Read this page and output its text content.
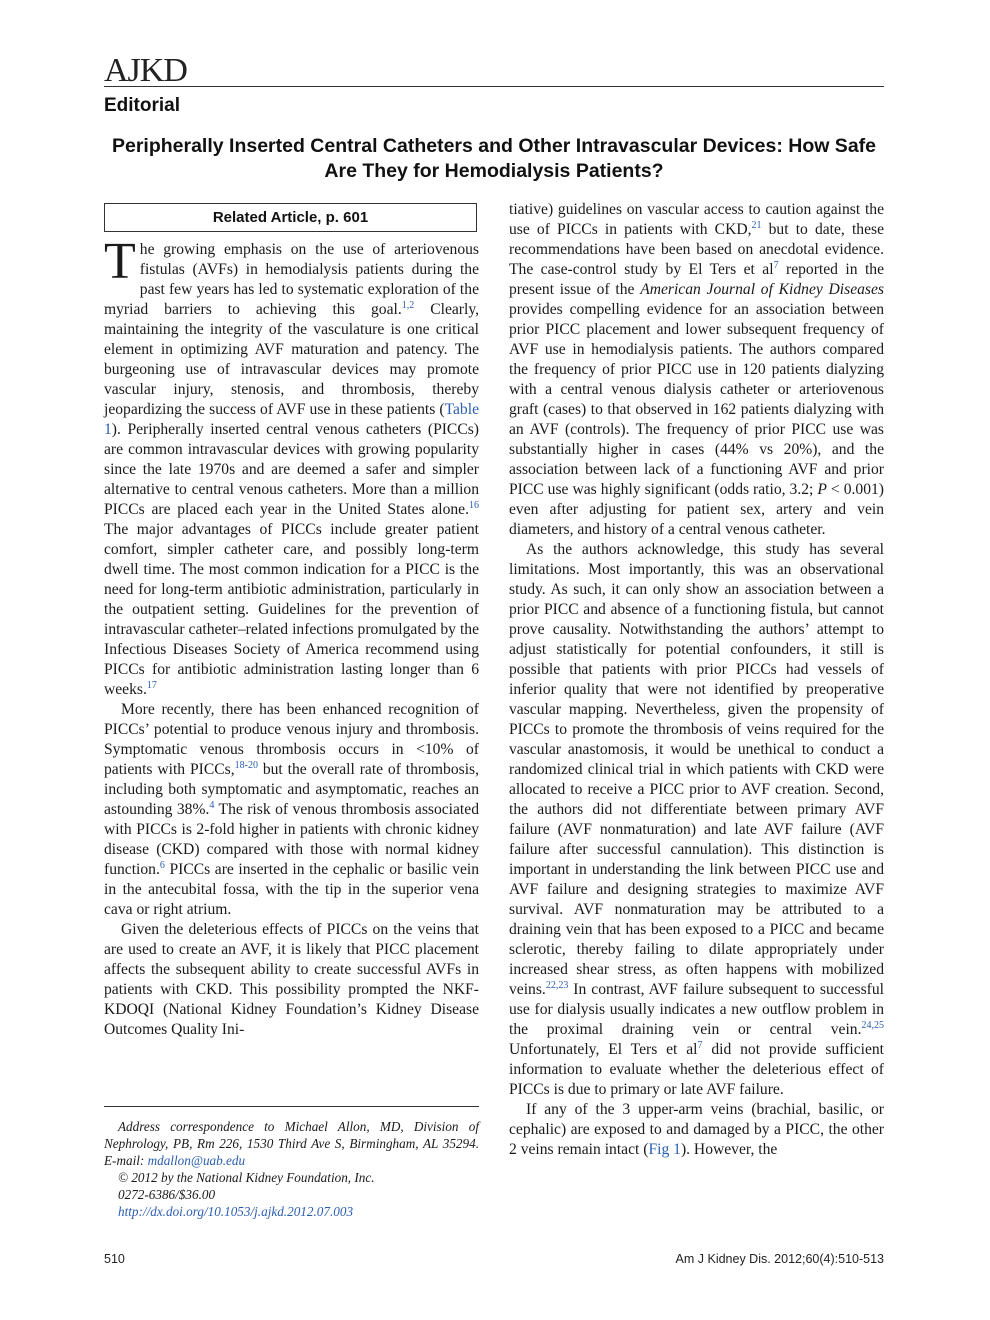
AJKD
Editorial
Peripherally Inserted Central Catheters and Other Intravascular Devices: How Safe Are They for Hemodialysis Patients?
Related Article, p. 601

The growing emphasis on the use of arteriovenous fistulas (AVFs) in hemodialysis patients during the past few years has led to systematic exploration of the myriad barriers to achieving this goal.$^{1,2}$ Clearly, maintaining the integrity of the vasculature is one critical element in optimizing AVF maturation and patency. The burgeoning use of intravascular devices may promote vascular injury, stenosis, and thrombosis, thereby jeopardizing the success of AVF use in these patients (Table 1). Peripherally inserted central venous catheters (PICCs) are common intravascular devices with growing popularity since the late 1970s and are deemed a safer and simpler alternative to central venous catheters. More than a million PICCs are placed each year in the United States alone.$^{16}$ The major advantages of PICCs include greater patient comfort, simpler catheter care, and possibly long-term dwell time. The most common indication for a PICC is the need for long-term antibiotic administration, particularly in the outpatient setting. Guidelines for the prevention of intravascular catheter–related infections promulgated by the Infectious Diseases Society of America recommend using PICCs for antibiotic administration lasting longer than 6 weeks.$^{17}$

More recently, there has been enhanced recognition of PICCs’ potential to produce venous injury and thrombosis. Symptomatic venous thrombosis occurs in <10% of patients with PICCs,$^{18-20}$ but the overall rate of thrombosis, including both symptomatic and asymptomatic, reaches an astounding 38%.$^4$ The risk of venous thrombosis associated with PICCs is 2-fold higher in patients with chronic kidney disease (CKD) compared with those with normal kidney function.$^6$ PICCs are inserted in the cephalic or basilic vein in the antecubital fossa, with the tip in the superior vena cava or right atrium.

Given the deleterious effects of PICCs on the veins that are used to create an AVF, it is likely that PICC placement affects the subsequent ability to create successful AVFs in patients with CKD. This possibility prompted the NKF-KDOQI (National Kidney Foundation’s Kidney Disease Outcomes Quality Ini-

tiative) guidelines on vascular access to caution against the use of PICCs in patients with CKD,$^{21}$ but to date, these recommendations have been based on anecdotal evidence. The case-control study by El Ters et $al^7$ reported in the present issue of the American Journal of Kidney Diseases provides compelling evidence for an association between prior PICC placement and lower subsequent frequency of AVF use in hemodialysis patients. The authors compared the frequency of prior PICC use in 120 patients dialyzing with a central venous dialysis catheter or arteriovenous graft (cases) to that observed in 162 patients dialyzing with an AVF (controls). The frequency of prior PICC use was substantially higher in cases (44% vs 20%), and the association between lack of a functioning AVF and prior PICC use was highly significant (odds ratio, 3.2; P < 0.001) even after adjusting for patient sex, artery and vein diameters, and history of a central venous catheter.

As the authors acknowledge, this study has several limitations. Most importantly, this was an observational study. As such, it can only show an association between a prior PICC and absence of a functioning fistula, but cannot prove causality. Notwithstanding the authors’ attempt to adjust statistically for potential confounders, it still is possible that patients with prior PICCs had vessels of inferior quality that were not identified by preoperative vascular mapping. Nevertheless, given the propensity of PICCs to promote the thrombosis of veins required for the vascular anastomosis, it would be unethical to conduct a randomized clinical trial in which patients with CKD were allocated to receive a PICC prior to AVF creation. Second, the authors did not differentiate between primary AVF failure (AVF nonmaturation) and late AVF failure (AVF failure after successful cannulation). This distinction is important in understanding the link between PICC use and AVF failure and designing strategies to maximize AVF survival. AVF nonmaturation may be attributed to a draining vein that has been exposed to a PICC and became sclerotic, thereby failing to dilate appropriately under increased shear stress, as often happens with mobilized veins.$^{22,23}$ In contrast, AVF failure subsequent to successful use for dialysis usually indicates a new outflow problem in the proximal draining vein or central vein.$^{24,25}$ Unfortunately, El Ters et $al^7$ did not provide sufficient information to evaluate whether the deleterious effect of PICCs is due to primary or late AVF failure.

If any of the 3 upper-arm veins (brachial, basilic, or cephalic) are exposed to and damaged by a PICC, the other 2 veins remain intact (Fig 1). However, the

Address correspondence to Michael Allon, MD, Division of Nephrology, PB, Rm 226, 1530 Third Ave S, Birmingham, AL 35294. E-mail: mdallon@uab.edu

© 2012 by the National Kidney Foundation, Inc.

0272-6386/$36.00

http://dx.doi.org/10.1053/j.ajkd.2012.07.003

510	Am J Kidney Dis. 2012;60(4):510-513
